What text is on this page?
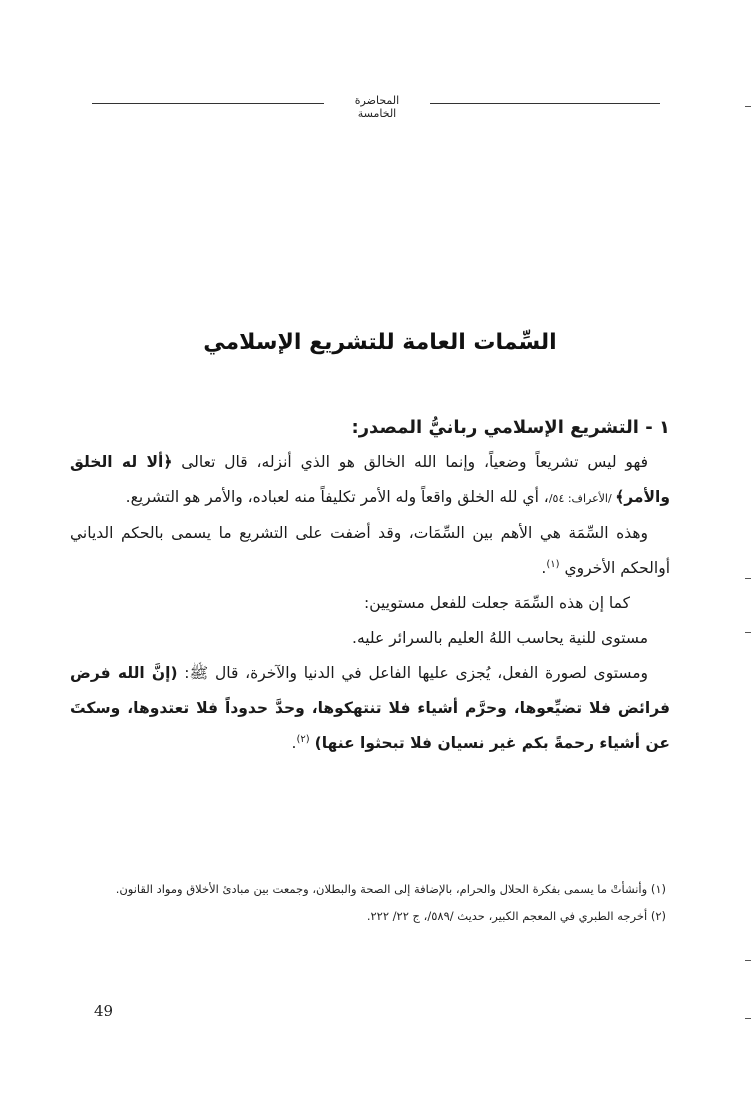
المحاضرة الخامسة
السِّمات العامة للتشريع الإسلامي

١ - التشريع الإسلامي ربانيُّ المصدر:

فهو ليس تشريعاً وضعياً، وإنما الله الخالق هو الذي أنزله، قال تعالى ﴿ألا له الخلق والأمر﴾ /الأعراف: ٥٤/، أي لله الخلق واقعاً وله الأمر تكليفاً منه لعباده، والأمر هو التشريع.

وهذه السِّمَة هي الأهم بين السِّمَات، وقد أضفت على التشريع ما يسمى بالحكم الدياني أوالحكم الأخروي $^{(١)}$.

كما إن هذه السِّمَة جعلت للفعل مستويين:

مستوى للنية يحاسب اللهُ العليم بالسرائر عليه.

ومستوى لصورة الفعل، يُجزى عليها الفاعل في الدنيا والآخرة، قال ﷺ: (إنَّ الله فرض فرائض فلا تضيِّعوها، وحرَّم أشياء فلا تنتهكوها، وحدَّ حدوداً فلا تعتدوها، وسكتَ عن أشياء رحمةً بكم غير نسيان فلا تبحثوا عنها) $^{(٢)}$.

(١) وأنشأتْ ما يسمى بفكرة الحلال والحرام، بالإضافة إلى الصحة والبطلان، وجمعت بين مبادئ الأخلاق ومواد القانون.

(٢) أخرجه الطبري في المعجم الكبير، حديث /٥٨٩/، ج ٢٢/ ٢٢٢.

49
